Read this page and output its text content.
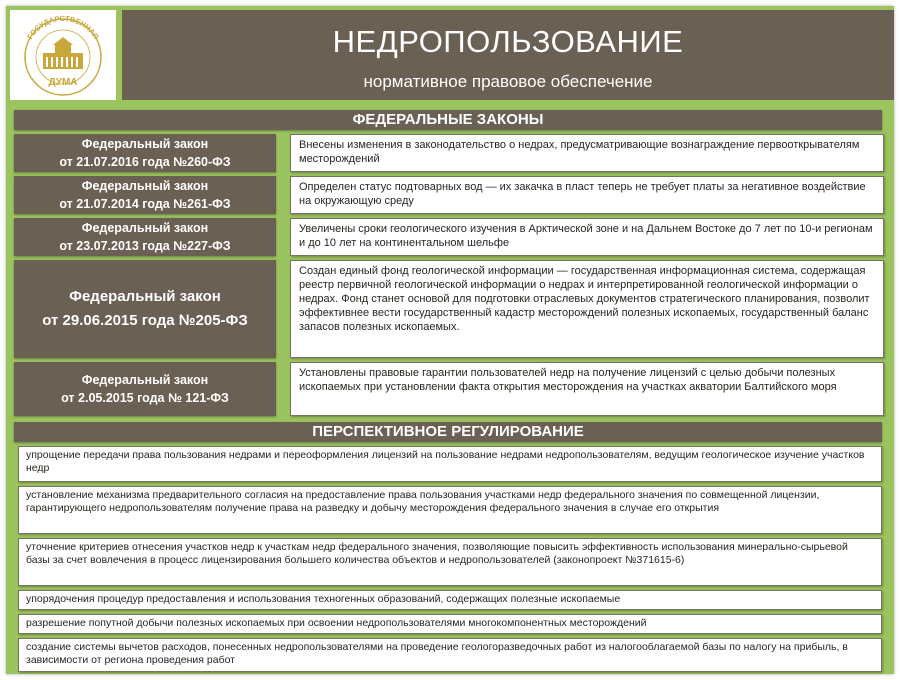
ГОСУДАРСТВЕННАЯ
ДУМА
НЕДРОПОЛЬЗОВАНИЕ
нормативное правовое обеспечение
ФЕДЕРАЛЬНЫЕ ЗАКОНЫ
Федеральный закон
от 21.07.2016 года №260-ФЗ
Внесены изменения в законодательство о недрах, предусматривающие вознаграждение первооткрывателям месторождений
Федеральный закон
от 21.07.2014 года №261-ФЗ
Определен статус подтоварных вод — их закачка в пласт теперь не требует платы за негативное воздействие на окружающую среду
Федеральный закон
от 23.07.2013 года №227-ФЗ
Увеличены сроки геологического изучения в Арктической зоне и на Дальнем Востоке до 7 лет по 10-и регионам и до 10 лет на континентальном шельфе
Федеральный закон
от 29.06.2015 года №205-ФЗ
Создан единый фонд геологической информации — государственная информационная система, содержащая реестр первичной геологической информации о недрах и интерпретированной геологической информации о недрах. Фонд станет основой для подготовки отраслевых документов стратегического планирования, позволит эффективнее вести государственный кадастр месторождений полезных ископаемых, государственный баланс запасов полезных ископаемых.
Федеральный закон
от 2.05.2015 года № 121-ФЗ
Установлены правовые гарантии пользователей недр на получение лицензий с целью добычи полезных ископаемых при установлении факта открытия месторождения на участках акватории Балтийского моря
ПЕРСПЕКТИВНОЕ РЕГУЛИРОВАНИЕ
упрощение передачи права пользования недрами и переоформления лицензий на пользование недрами недропользователям, ведущим геологическое изучение участков недр
установление механизма предварительного согласия на предоставление права пользования участками недр федерального значения по совмещенной лицензии, гарантирующего недропользователям получение права на разведку и добычу месторождения федерального значения в случае его открытия
уточнение критериев отнесения участков недр к участкам недр федерального значения, позволяющие повысить эффективность использования минерально-сырьевой базы за счет вовлечения в процесс лицензирования большего количества объектов и недропользователей (законопроект №371615-6)
упорядочения процедур предоставления и использования техногенных образований, содержащих полезные ископаемые
разрешение попутной добычи полезных ископаемых при освоении недропользователями многокомпонентных месторождений
создание системы вычетов расходов, понесенных недропользователями на проведение геологоразведочных работ из налогооблагаемой базы по налогу на прибыль, в зависимости от региона проведения работ
